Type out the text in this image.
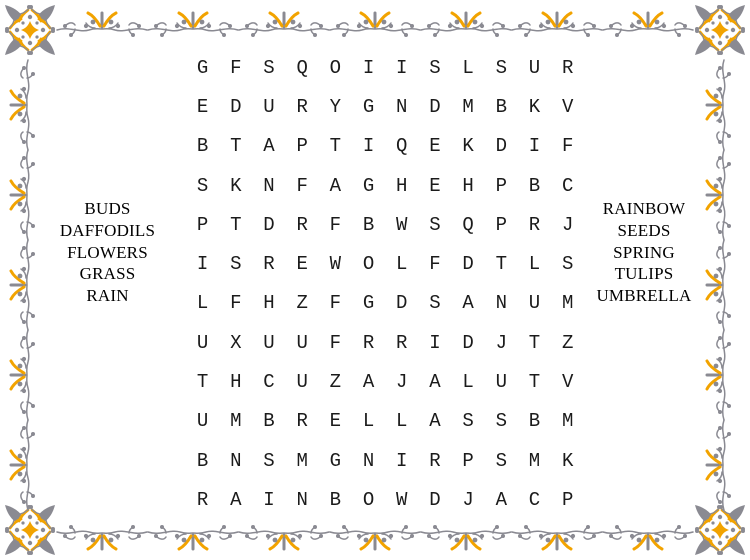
BUDS
DAFFODILS
FLOWERS
GRASS
RAIN
G	F	S	Q	O	I	I	S	L	S	U	R
E	D	U	R	Y	G	N	D	M	B	K	V
B	T	A	P	T	I	Q	E	K	D	I	F
S	K	N	F	A	G	H	E	H	P	B	C
P	T	D	R	F	B	W	S	Q	P	R	J
I	S	R	E	W	O	L	F	D	T	L	S
L	F	H	Z	F	G	D	S	A	N	U	M
U	X	U	U	F	R	R	I	D	J	T	Z
T	H	C	U	Z	A	J	A	L	U	T	V
U	M	B	R	E	L	L	A	S	S	B	M
B	N	S	M	G	N	I	R	P	S	M	K
R	A	I	N	B	O	W	D	J	A	C	P
RAINBOW
SEEDS
SPRING
TULIPS
UMBRELLA
